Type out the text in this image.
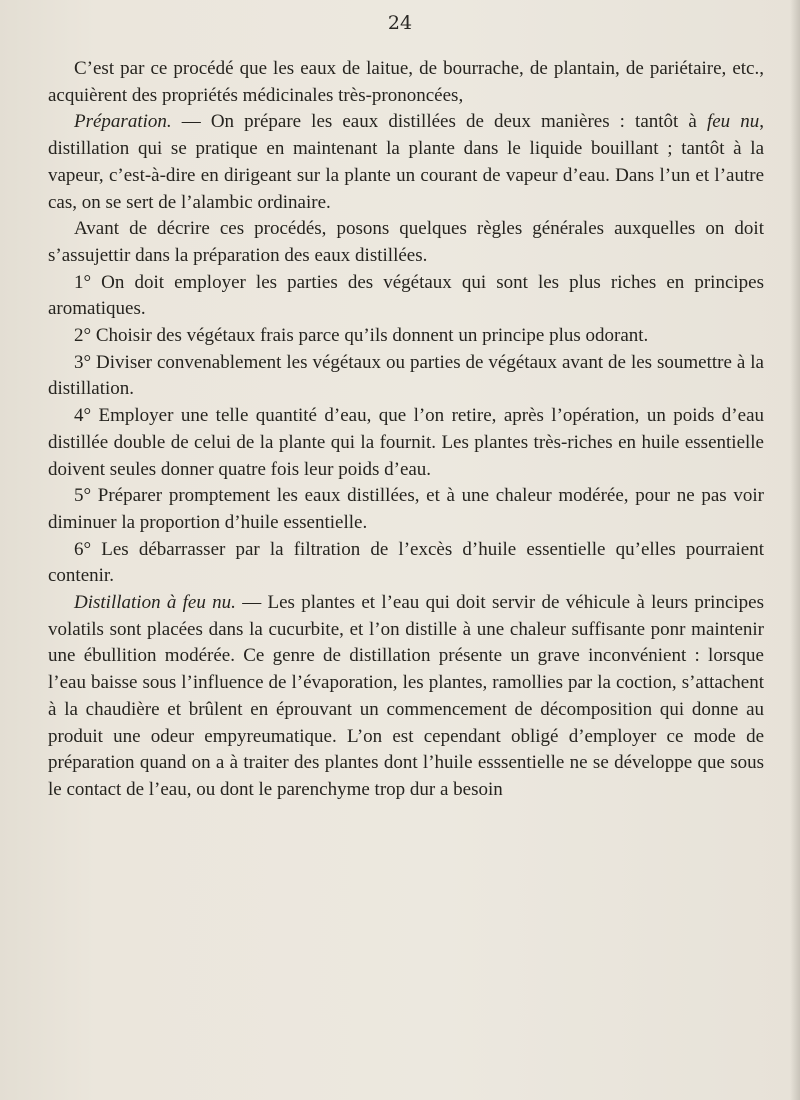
24

C’est par ce procédé que les eaux de laitue, de bourrache, de plantain, de pariétaire, etc., acquièrent des propriétés médicinales très-prononcées,

Préparation. — On prépare les eaux distillées de deux manières : tantôt à feu nu, distillation qui se pratique en maintenant la plante dans le liquide bouillant ; tantôt à la vapeur, c’est-à-dire en dirigeant sur la plante un courant de vapeur d’eau. Dans l’un et l’autre cas, on se sert de l’alambic ordinaire.

Avant de décrire ces procédés, posons quelques règles générales auxquelles on doit s’assujettir dans la préparation des eaux distillées.

1° On doit employer les parties des végétaux qui sont les plus riches en principes aromatiques.

2° Choisir des végétaux frais parce qu’ils donnent un principe plus odorant.

3° Diviser convenablement les végétaux ou parties de végétaux avant de les soumettre à la distillation.

4° Employer une telle quantité d’eau, que l’on retire, après l’opération, un poids d’eau distillée double de celui de la plante qui la fournit. Les plantes très-riches en huile essentielle doivent seules donner quatre fois leur poids d’eau.

5° Préparer promptement les eaux distillées, et à une chaleur modérée, pour ne pas voir diminuer la proportion d’huile essentielle.

6° Les débarrasser par la filtration de l’excès d’huile essentielle qu’elles pourraient contenir.

Distillation à feu nu. — Les plantes et l’eau qui doit servir de véhicule à leurs principes volatils sont placées dans la cucurbite, et l’on distille à une chaleur suffisante ponr maintenir une ébullition modérée. Ce genre de distillation présente un grave inconvénient : lorsque l’eau baisse sous l’influence de l’évaporation, les plantes, ramollies par la coction, s’attachent à la chaudière et brûlent en éprouvant un commencement de décomposition qui donne au produit une odeur empyreumatique. L’on est cependant obligé d’employer ce mode de préparation quand on a à traiter des plantes dont l’huile esssentielle ne se développe que sous le contact de l’eau, ou dont le parenchyme trop dur a besoin
